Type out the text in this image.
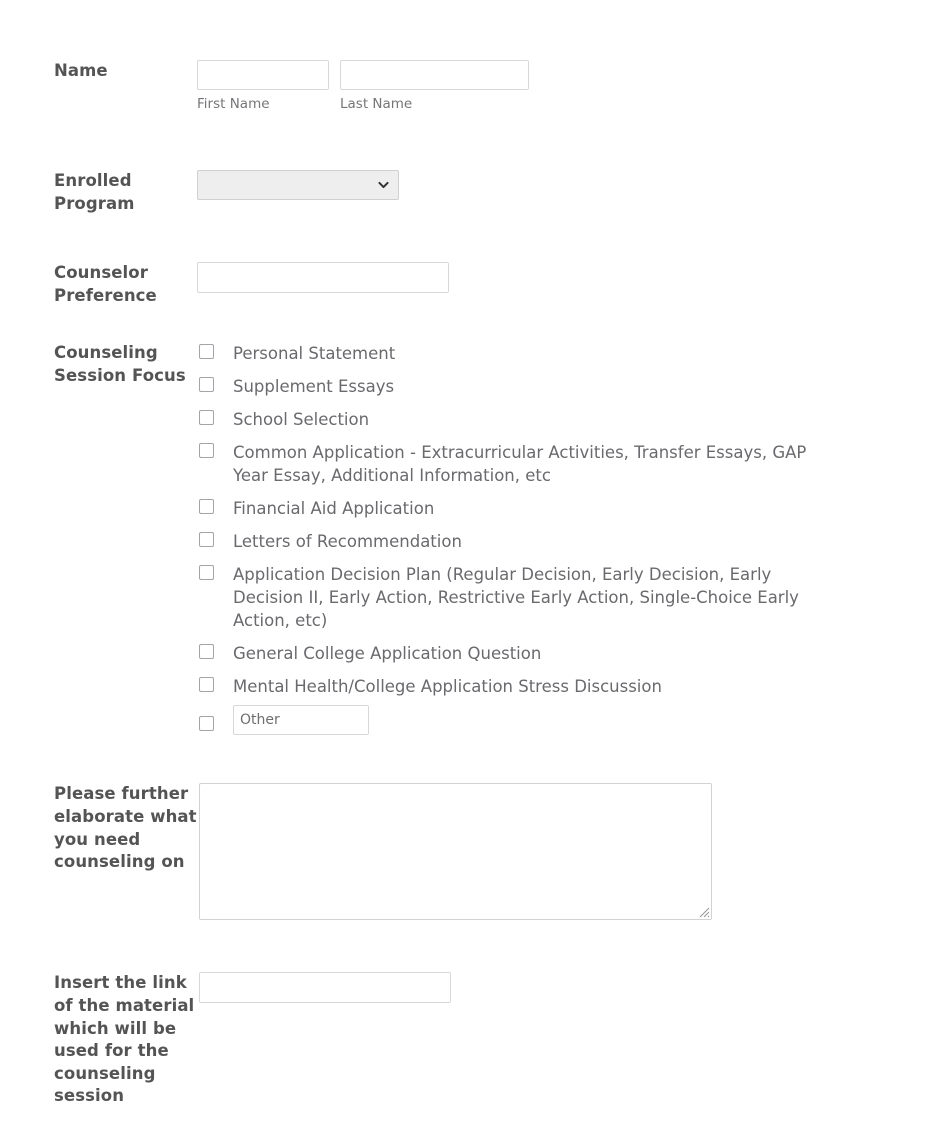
Name
First Name	Last Name
Enrolled Program
Counselor Preference
Counseling Session Focus
Personal Statement
Supplement Essays
School Selection
Common Application - Extracurricular Activities, Transfer Essays, GAP Year Essay, Additional Information, etc
Financial Aid Application
Letters of Recommendation
Application Decision Plan (Regular Decision, Early Decision, Early Decision II, Early Action, Restrictive Early Action, Single-Choice Early Action, etc)
General College Application Question
Mental Health/College Application Stress Discussion
Other
Please further elaborate what you need counseling on
Insert the link of the material which will be used for the counseling session
